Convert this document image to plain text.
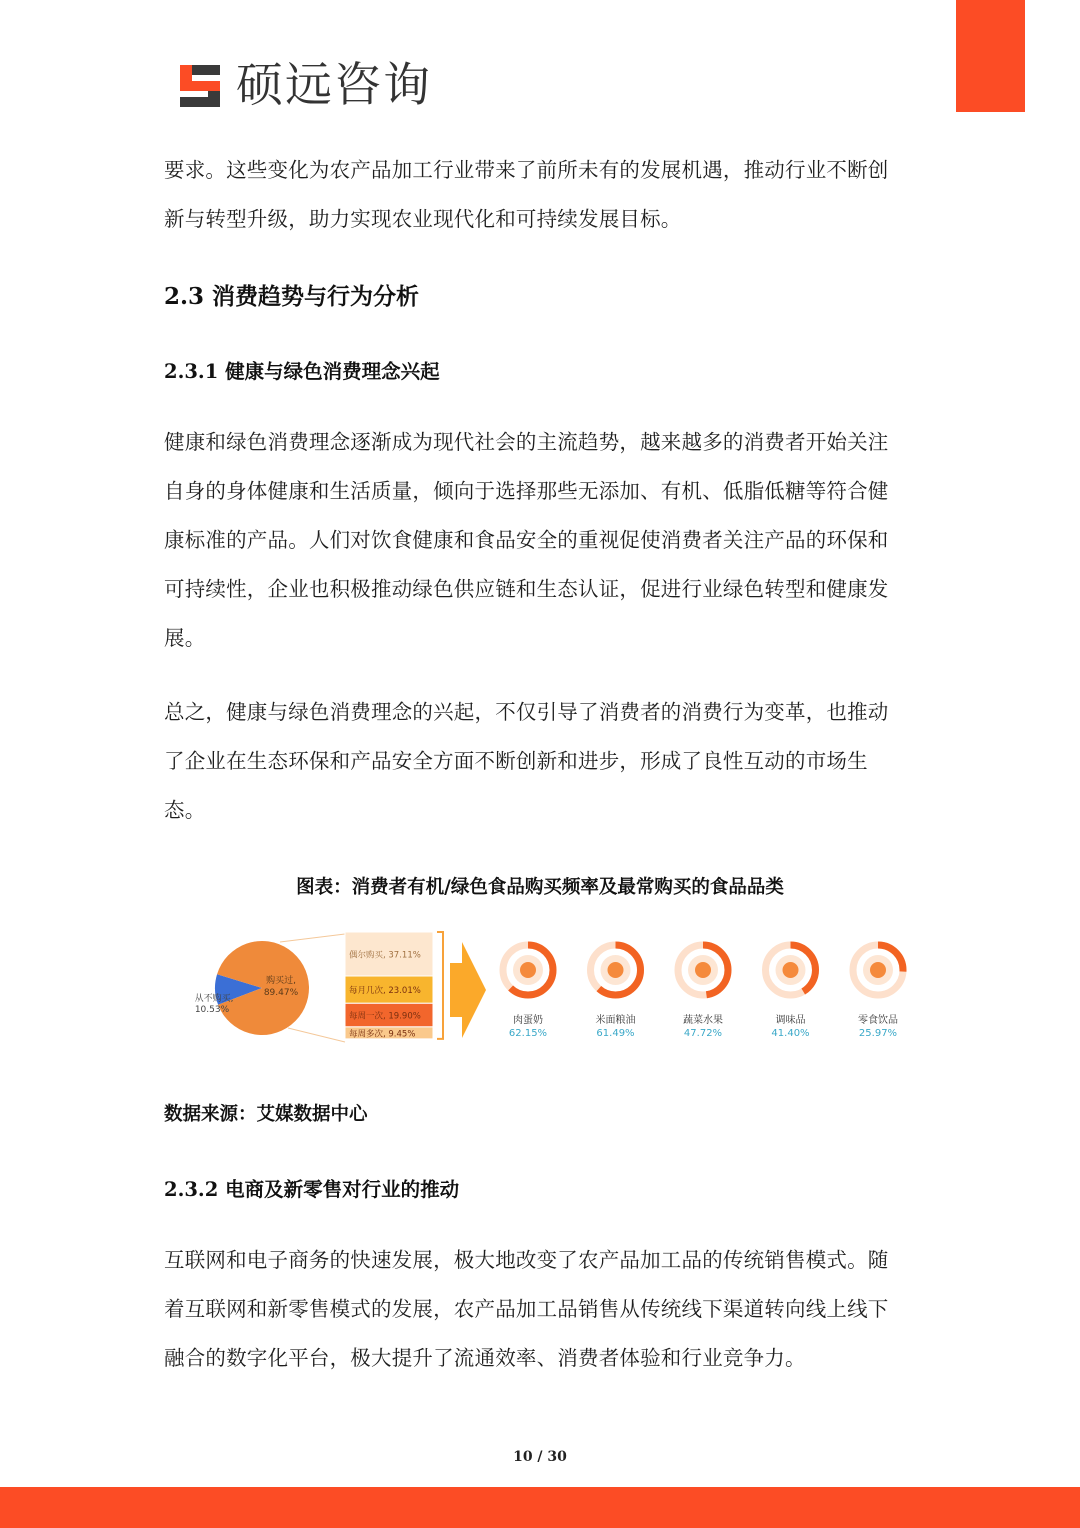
硕远咨询
要求。这些变化为农产品加工行业带来了前所未有的发展机遇，推动行业不断创新与转型升级，助力实现农业现代化和可持续发展目标。
2.3 消费趋势与行为分析
2.3.1 健康与绿色消费理念兴起
健康和绿色消费理念逐渐成为现代社会的主流趋势，越来越多的消费者开始关注自身的身体健康和生活质量，倾向于选择那些无添加、有机、低脂低糖等符合健康标准的产品。人们对饮食健康和食品安全的重视促使消费者关注产品的环保和可持续性，企业也积极推动绿色供应链和生态认证，促进行业绿色转型和健康发展。
总之，健康与绿色消费理念的兴起，不仅引导了消费者的消费行为变革，也推动了企业在生态环保和产品安全方面不断创新和进步，形成了良性互动的市场生态。
图表：消费者有机/绿色食品购买频率及最常购买的食品品类
购买过,
89.47%
从不购买,
10.53%
偶尔购买, 37.11%
每月几次, 23.01%
每周一次, 19.90%
每周多次, 9.45%
肉蛋奶
62.15%
米面粮油
61.49%
蔬菜水果
47.72%
调味品
41.40%
零食饮品
25.97%
数据来源：艾媒数据中心
2.3.2 电商及新零售对行业的推动
互联网和电子商务的快速发展，极大地改变了农产品加工品的传统销售模式。随着互联网和新零售模式的发展，农产品加工品销售从传统线下渠道转向线上线下融合的数字化平台，极大提升了流通效率、消费者体验和行业竞争力。
10 / 30
